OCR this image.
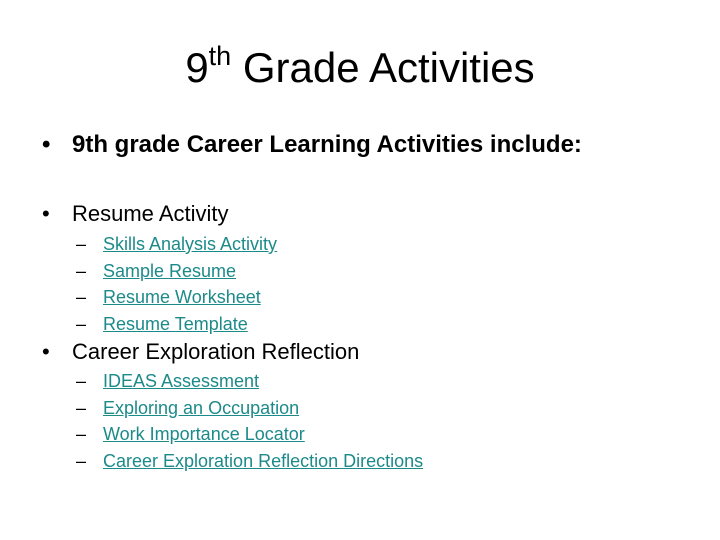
9th Grade Activities
• 9th grade Career Learning Activities include:
• Resume Activity
– Skills Analysis Activity
– Sample Resume
– Resume Worksheet
– Resume Template
• Career Exploration Reflection
– IDEAS Assessment
– Exploring an Occupation
– Work Importance Locator
– Career Exploration Reflection Directions
